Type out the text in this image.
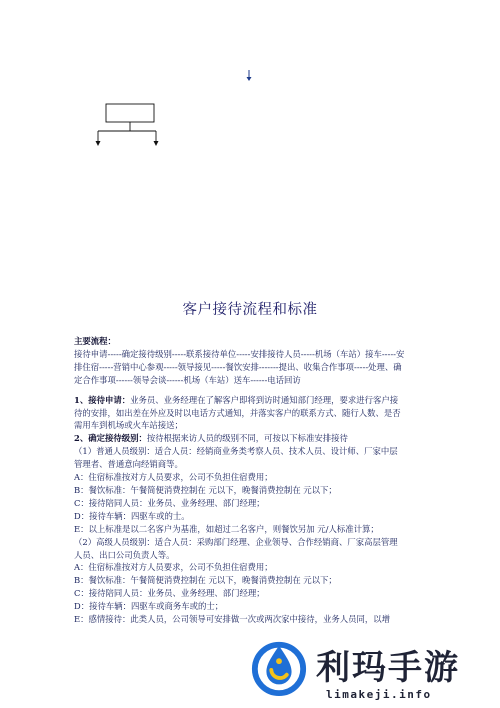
客户接待流程和标准
主要流程：
接待申请-----确定接待级别-----联系接待单位-----安排接待人员-----机场（车站）接车-----安
排住宿-----营销中心参观-----领导接见-----餐饮安排-------提出、收集合作事项-----处理、确
定合作事项------领导会谈------机场（车站）送车------电话回访
1、接待申请：业务员、业务经理在了解客户即将到访时通知部门经理，要求进行客户接
待的安排，如出差在外应及时以电话方式通知，并落实客户的联系方式、随行人数、是否
需用车到机场或火车站接送；
2、确定接待级别：按待根据来访人员的级别不同，可按以下标准安排接待
（1）普通人员级别：适合人员：经销商业务类考察人员、技术人员、设计师、厂家中层
管理者、普通意向经销商等。
A：住宿标准按对方人员要求，公司不负担住宿费用；
B：餐饮标准：午餐简便消费控制在 元以下，晚餐消费控制在 元以下；
C：接待陪同人员：业务员、业务经理、部门经理；
D：接待车辆：四驱车或的士。
E：以上标准是以二名客户为基准，如超过二名客户，则餐饮另加 元/人标准计算；
（2）高级人员级别：适合人员：采购部门经理、企业领导、合作经销商、厂家高层管理
人员、出口公司负责人等。
A：住宿标准按对方人员要求，公司不负担住宿费用；
B：餐饮标准：午餐简便消费控制在 元以下，晚餐消费控制在 元以下；
C：接待陪同人员：业务员、业务经理、部门经理；
D：接待车辆：四驱车或商务车或的士；
E：感情接待：此类人员，公司领导可安排做一次或两次家中接待，业务人员同，以增
利玛手游
limakeji.info
